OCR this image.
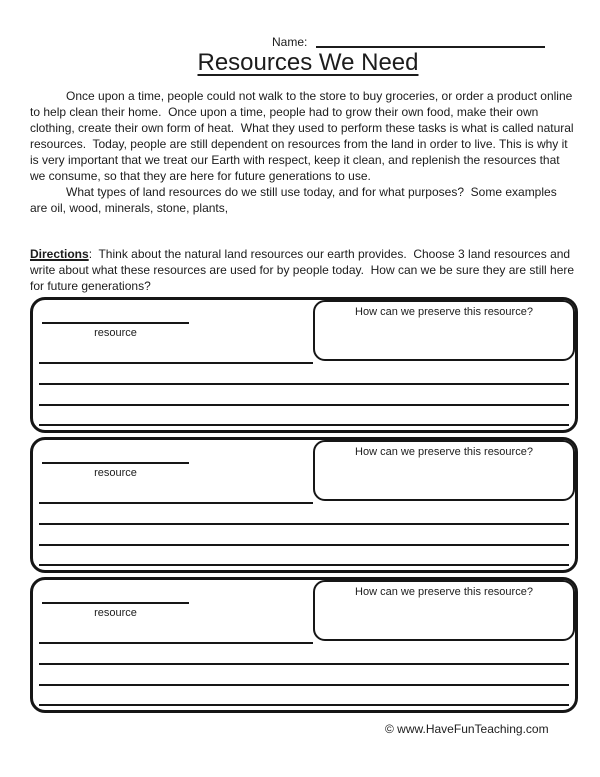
Name:
Resources We Need

Once upon a time, people could not walk to the store to buy groceries, or order a product online to help clean their home.  Once upon a time, people had to grow their own food, make their own clothing, create their own form of heat.  What they used to perform these tasks is what is called natural resources.  Today, people are still dependent on resources from the land in order to live. This is why it is very important that we treat our Earth with respect, keep it clean, and replenish the resources that we consume, so that they are here for future generations to use.

What types of land resources do we still use today, and for what purposes?  Some examples are oil, wood, minerals, stone, plants,

Directions:  Think about the natural land resources our earth provides.  Choose 3 land resources and write about what these resources are used for by people today.  How can we be sure they are still here for future generations?
How can we preserve this resource?
resource
How can we preserve this resource?
resource
How can we preserve this resource?
resource
© www.HaveFunTeaching.com
